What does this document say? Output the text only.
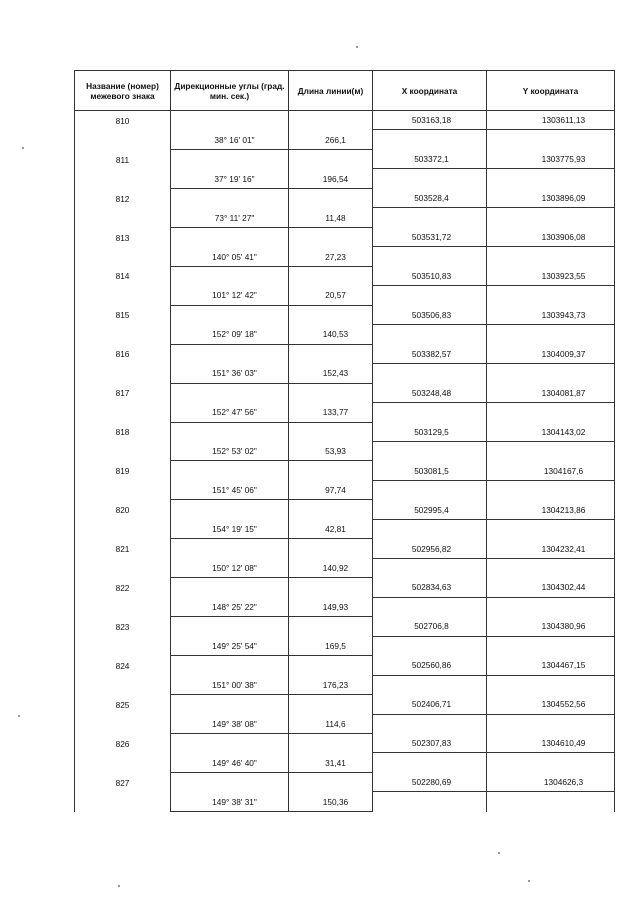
Название (номер) межевого знака
Дирекционные углы (град. мин. сек.)	Длина линии(м)	X координата	Y координата
810	503163,18	1303611,13
38° 16' 01"	266,1
811	503372,1	1303775,93
37° 19' 16"	196,54
812	503528,4	1303896,09
73° 11' 27"	11,48
813	503531,72	1303906,08
140° 05' 41"	27,23
814	503510,83	1303923,55
101° 12' 42"	20,57
815	503506,83	1303943,73
152° 09' 18"	140,53
816	503382,57	1304009,37
151° 36' 03"	152,43
817	503248,48	1304081,87
152° 47' 56"	133,77
818	503129,5	1304143,02
152° 53' 02"	53,93
819	503081,5	1304167,6
151° 45' 06"	97,74
820	502995,4	1304213,86
154° 19' 15"	42,81
821	502956,82	1304232,41
150° 12' 08"	140,92
822	502834,63	1304302,44
148° 25' 22"	149,93
823	502706,8	1304380,96
149° 25' 54"	169,5
824	502560,86	1304467,15
151° 00' 38"	176,23
825	502406,71	1304552,56
149° 38' 08"	114,6
826	502307,83	1304610,49
149° 46' 40"	31,41
827	502280,69	1304626,3
149° 38' 31"	150,36
